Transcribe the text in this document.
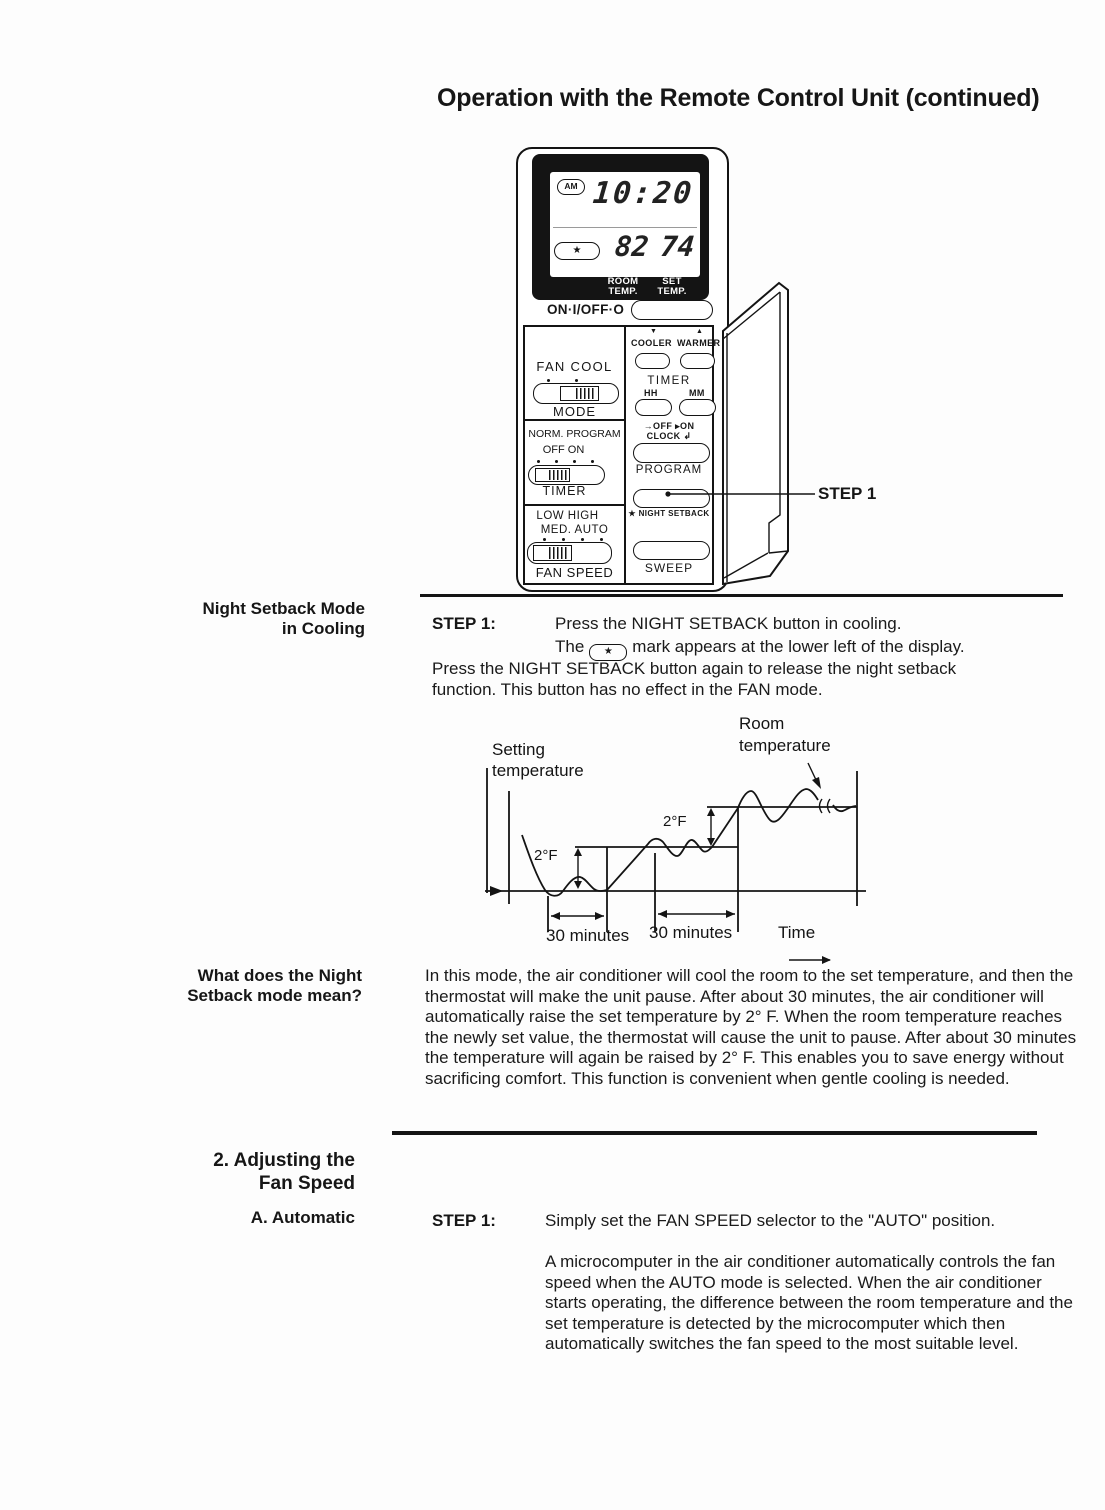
Operation with the Remote Control Unit (continued)
AM 10:20
★	82 74
ROOM
TEMP.
SET
TEMP.
ON·I/OFF·O
FAN COOL
MODE
NORM. PROGRAM
OFF ON
TIMER
LOW HIGH
MED. AUTO
FAN SPEED
▼	▲
COOLER WARMER
TIMER
HH	MM
→OFF ▸ON
CLOCK ↲
PROGRAM
★ NIGHT SETBACK
SWEEP
STEP 1
Night Setback Mode
in Cooling	STEP 1:	Press the NIGHT SETBACK button in cooling.
The ★ mark appears at the lower left of the display.
Press the NIGHT SETBACK button again to release the night setback function. This button has no effect in the FAN mode.
Setting
temperature
Room
temperature
2°F
2°F
30 minutes 30 minutes	Time
What does the Night
Setback mode mean?
In this mode, the air conditioner will cool the room to the set temperature, and then the thermostat will make the unit pause. After about 30 minutes, the air conditioner will automatically raise the set temperature by 2° F. When the room temperature reaches the newly set value, the thermostat will cause the unit to pause. After about 30 minutes the temperature will again be raised by 2° F. This enables you to save energy without sacrificing comfort. This function is convenient when gentle cooling is needed.
2. Adjusting the
Fan Speed
A. Automatic	STEP 1:	Simply set the FAN SPEED selector to the "AUTO" position.
A microcomputer in the air conditioner automatically controls the fan speed when the AUTO mode is selected. When the air conditioner starts operating, the difference between the room temperature and the set temperature is detected by the microcomputer which then automatically switches the fan speed to the most suitable level.
